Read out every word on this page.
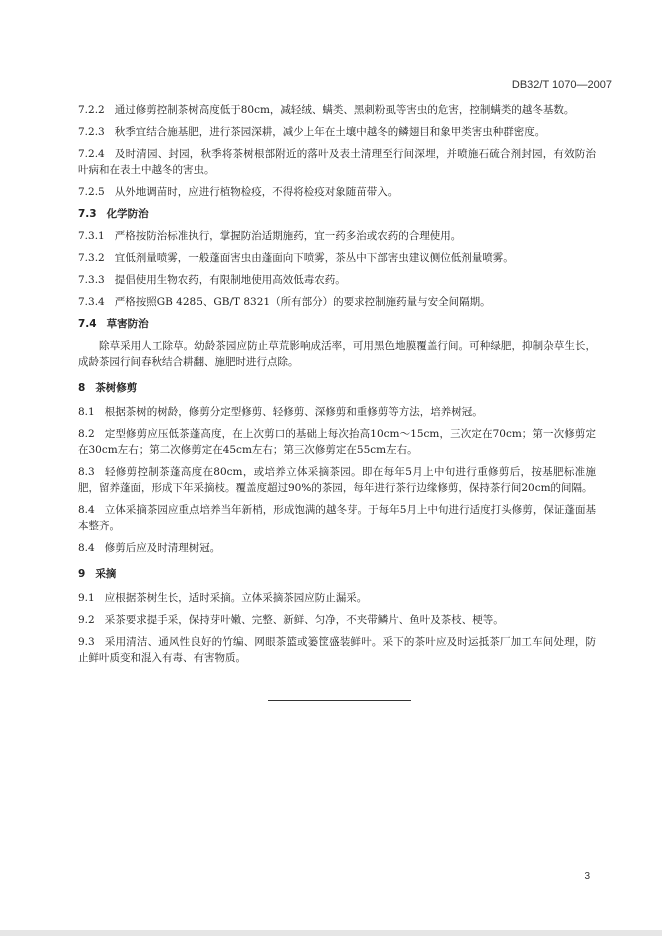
DB32/T 1070—2007
7.2.2 通过修剪控制茶树高度低于80cm，减轻绒、螨类、黑刺粉虱等害虫的危害，控制螨类的越冬基数。
7.2.3 秋季宜结合施基肥，进行茶园深耕，减少上年在土壤中越冬的鳞翅目和象甲类害虫种群密度。
7.2.4 及时清园、封园，秋季将茶树根部附近的落叶及表土清理至行间深埋，并喷施石硫合剂封园，有效防治叶病和在表土中越冬的害虫。
7.2.5 从外地调苗时，应进行植物检疫，不得将检疫对象随苗带入。
7.3 化学防治
7.3.1 严格按防治标准执行，掌握防治适期施药，宜一药多治或农药的合理使用。
7.3.2 宜低剂量喷雾，一般蓬面害虫由蓬面向下喷雾，茶丛中下部害虫建议侧位低剂量喷雾。
7.3.3 提倡使用生物农药，有限制地使用高效低毒农药。
7.3.4 严格按照GB 4285、GB/T 8321（所有部分）的要求控制施药量与安全间隔期。
7.4 草害防治
除草采用人工除草。幼龄茶园应防止草荒影响成活率，可用黑色地膜覆盖行间。可种绿肥，抑制杂草生长，成龄茶园行间春秋结合耕翻、施肥时进行点除。
8 茶树修剪
8.1 根据茶树的树龄，修剪分定型修剪、轻修剪、深修剪和重修剪等方法，培养树冠。
8.2 定型修剪应压低茶蓬高度，在上次剪口的基础上每次抬高10cm～15cm，三次定在70cm；第一次修剪定在30cm左右；第二次修剪定在45cm左右；第三次修剪定在55cm左右。
8.3 轻修剪控制茶蓬高度在80cm，或培养立体采摘茶园。即在每年5月上中旬进行重修剪后，按基肥标准施肥，留养蓬面，形成下年采摘枝。覆盖度超过90%的茶园，每年进行茶行边缘修剪，保持茶行间20cm的间隔。
8.4 立体采摘茶园应重点培养当年新梢，形成饱满的越冬芽。于每年5月上中旬进行适度打头修剪，保证蓬面基本整齐。
8.4 修剪后应及时清理树冠。
9 采摘
9.1 应根据茶树生长，适时采摘。立体采摘茶园应防止漏采。
9.2 采茶要求提手采，保持芽叶嫩、完整、新鲜、匀净，不夹带鳞片、鱼叶及茶枝、梗等。
9.3 采用清洁、通风性良好的竹编、网眼茶篮或篓筐盛装鲜叶。采下的茶叶应及时运抵茶厂加工车间处理，防止鲜叶质变和混入有毒、有害物质。
3
